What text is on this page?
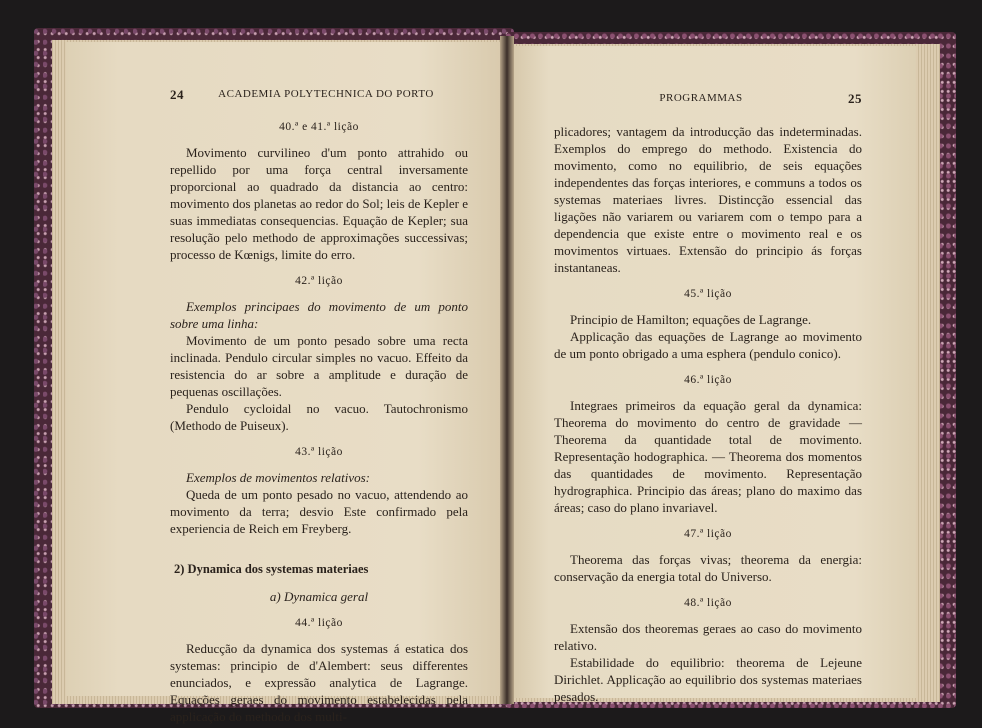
24	ACADEMIA POLYTECHNICA DO PORTO
40.ª e 41.ª lição

Movimento curvilineo d'um ponto attrahido ou repellido por uma força central inversamente proporcional ao quadrado da distancia ao centro: movimento dos planetas ao redor do Sol; leis de Kepler e suas immediatas consequencias. Equação de Kepler; sua resolução pelo methodo de approximações successivas; processo de Kœnigs, limite do erro.

42.ª lição

Exemplos principaes do movimento de um ponto sobre uma linha:

Movimento de um ponto pesado sobre uma recta inclinada. Pendulo circular simples no vacuo. Effeito da resistencia do ar sobre a amplitude e duração de pequenas oscillações.

Pendulo cycloidal no vacuo. Tautochronismo (Methodo de Puiseux).

43.ª lição

Exemplos de movimentos relativos:

Queda de um ponto pesado no vacuo, attendendo ao movimento da terra; desvio Este confirmado pela experiencia de Reich em Freyberg.

2) Dynamica dos systemas materiaes
a) Dynamica geral
44.ª lição

Reducção da dynamica dos systemas á estatica dos systemas: principio de d'Alembert: seus differentes enunciados, e expressão analytica de Lagrange. Equações geraes do movimento estabelecidas pela applicação do methodo dos multi-

PROGRAMMAS	25

plicadores; vantagem da introducção das indeterminadas. Exemplos do emprego do methodo. Existencia do movimento, como no equilibrio, de seis equações independentes das forças interiores, e communs a todos os systemas materiaes livres. Distincção essencial das ligações não variarem ou variarem com o tempo para a dependencia que existe entre o movimento real e os movimentos virtuaes. Extensão do principio ás forças instantaneas.

45.ª lição

Principio de Hamilton; equações de Lagrange.

Applicação das equações de Lagrange ao movimento de um ponto obrigado a uma esphera (pendulo conico).

46.ª lição

Integraes primeiros da equação geral da dynamica: Theorema do movimento do centro de gravidade — Theorema da quantidade total de movimento. Representação hodographica. — Theorema dos momentos das quantidades de movimento. Representação hydrographica. Principio das áreas; plano do maximo das áreas; caso do plano invariavel.

47.ª lição

Theorema das forças vivas; theorema da energia: conservação da energia total do Universo.

48.ª lição

Extensão dos theoremas geraes ao caso do movimento relativo.

Estabilidade do equilibrio: theorema de Lejeune Dirichlet. Applicação ao equilibrio dos systemas materiaes pesados.
